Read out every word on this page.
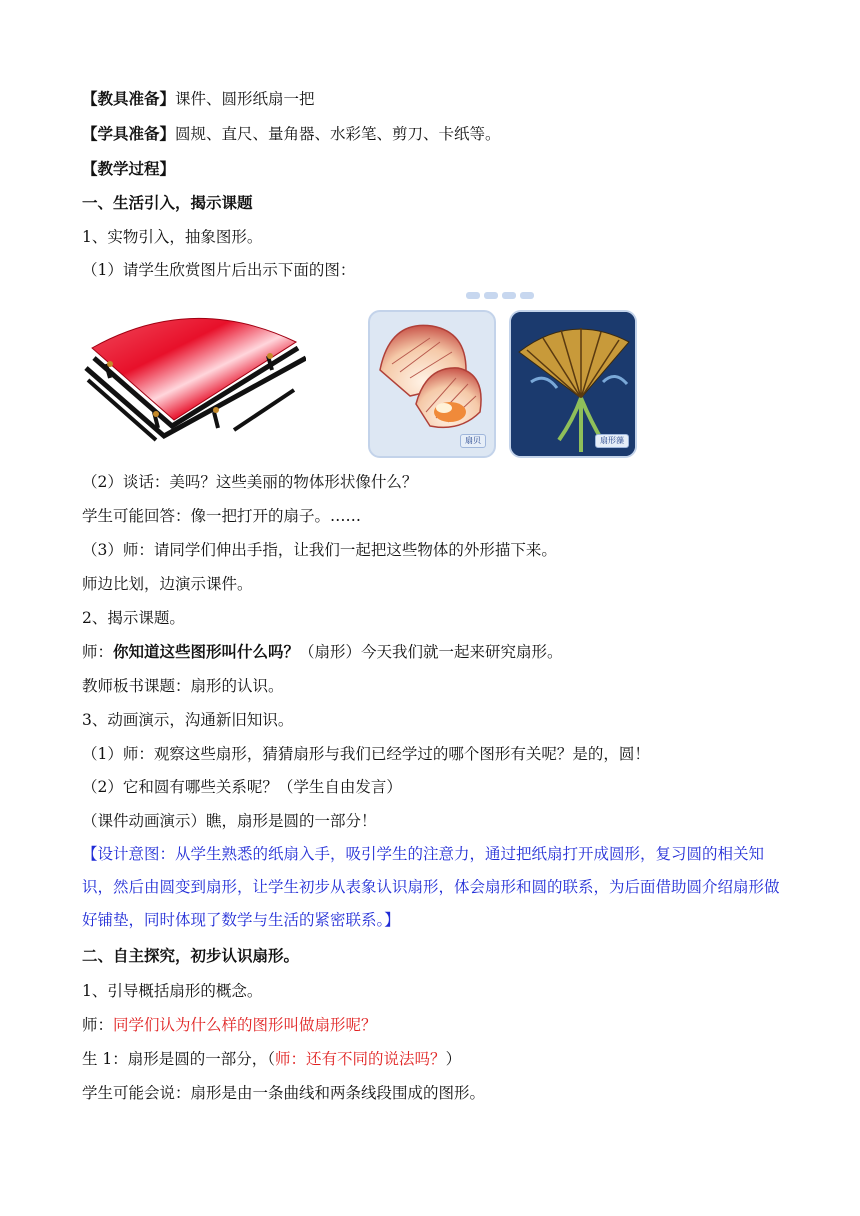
【教具准备】课件、圆形纸扇一把
【学具准备】圆规、直尺、量角器、水彩笔、剪刀、卡纸等。
【教学过程】
一、生活引入，揭示课题
1、实物引入，抽象图形。
（1）请学生欣赏图片后出示下面的图：
扇贝	扇形藻
（2）谈话：美吗？这些美丽的物体形状像什么？
学生可能回答：像一把打开的扇子。……
（3）师：请同学们伸出手指，让我们一起把这些物体的外形描下来。
师边比划，边演示课件。
2、揭示课题。
师：你知道这些图形叫什么吗？（扇形）今天我们就一起来研究扇形。
教师板书课题：扇形的认识。
3、动画演示，沟通新旧知识。
（1）师：观察这些扇形，猜猜扇形与我们已经学过的哪个图形有关呢？是的，圆！
（2）它和圆有哪些关系呢？（学生自由发言）
（课件动画演示）瞧，扇形是圆的一部分！
【设计意图：从学生熟悉的纸扇入手，吸引学生的注意力，通过把纸扇打开成圆形，复习圆的相关知识，然后由圆变到扇形，让学生初步从表象认识扇形，体会扇形和圆的联系，为后面借助圆介绍扇形做好铺垫，同时体现了数学与生活的紧密联系。】
二、自主探究，初步认识扇形。
1、引导概括扇形的概念。
师：同学们认为什么样的图形叫做扇形呢？
生 1：扇形是圆的一部分，（师：还有不同的说法吗？）
学生可能会说：扇形是由一条曲线和两条线段围成的图形。
